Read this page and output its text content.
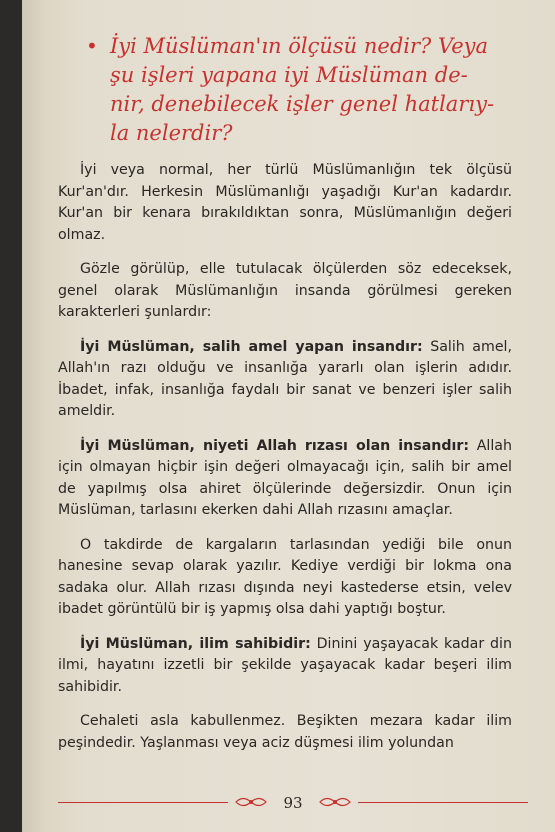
• İyi Müslüman'ın ölçüsü nedir? Veya
şu işleri yapana iyi Müslüman de-
nir, denebilecek işler genel hatlarıy-
la nelerdir?

İyi veya normal, her türlü Müslümanlığın tek ölçüsü Kur'an'dır. Herkesin Müslümanlığı yaşadığı Kur'an kadardır. Kur'an bir kenara bırakıldıktan sonra, Müslümanlığın değeri olmaz.

Gözle görülüp, elle tutulacak ölçülerden söz edeceksek, genel olarak Müslümanlığın insanda görülmesi gereken karakterleri şunlardır:

İyi Müslüman, salih amel yapan insandır: Salih amel, Allah'ın razı olduğu ve insanlığa yararlı olan işlerin adıdır. İbadet, infak, insanlığa faydalı bir sanat ve benzeri işler salih ameldir.

İyi Müslüman, niyeti Allah rızası olan insandır: Allah için olmayan hiçbir işin değeri olmayacağı için, salih bir amel de yapılmış olsa ahiret ölçülerinde değersizdir. Onun için Müslüman, tarlasını ekerken dahi Allah rızasını amaçlar.

O takdirde de kargaların tarlasından yediği bile onun hanesine sevap olarak yazılır. Kediye verdiği bir lokma ona sadaka olur. Allah rızası dışında neyi kastederse etsin, velev ibadet görüntülü bir iş yapmış olsa dahi yaptığı boştur.

İyi Müslüman, ilim sahibidir: Dinini yaşayacak kadar din ilmi, hayatını izzetli bir şekilde yaşayacak kadar beşeri ilim sahibidir.

Cehaleti asla kabullenmez. Beşikten mezara kadar ilim peşindedir. Yaşlanması veya aciz düşmesi ilim yolundan

93
